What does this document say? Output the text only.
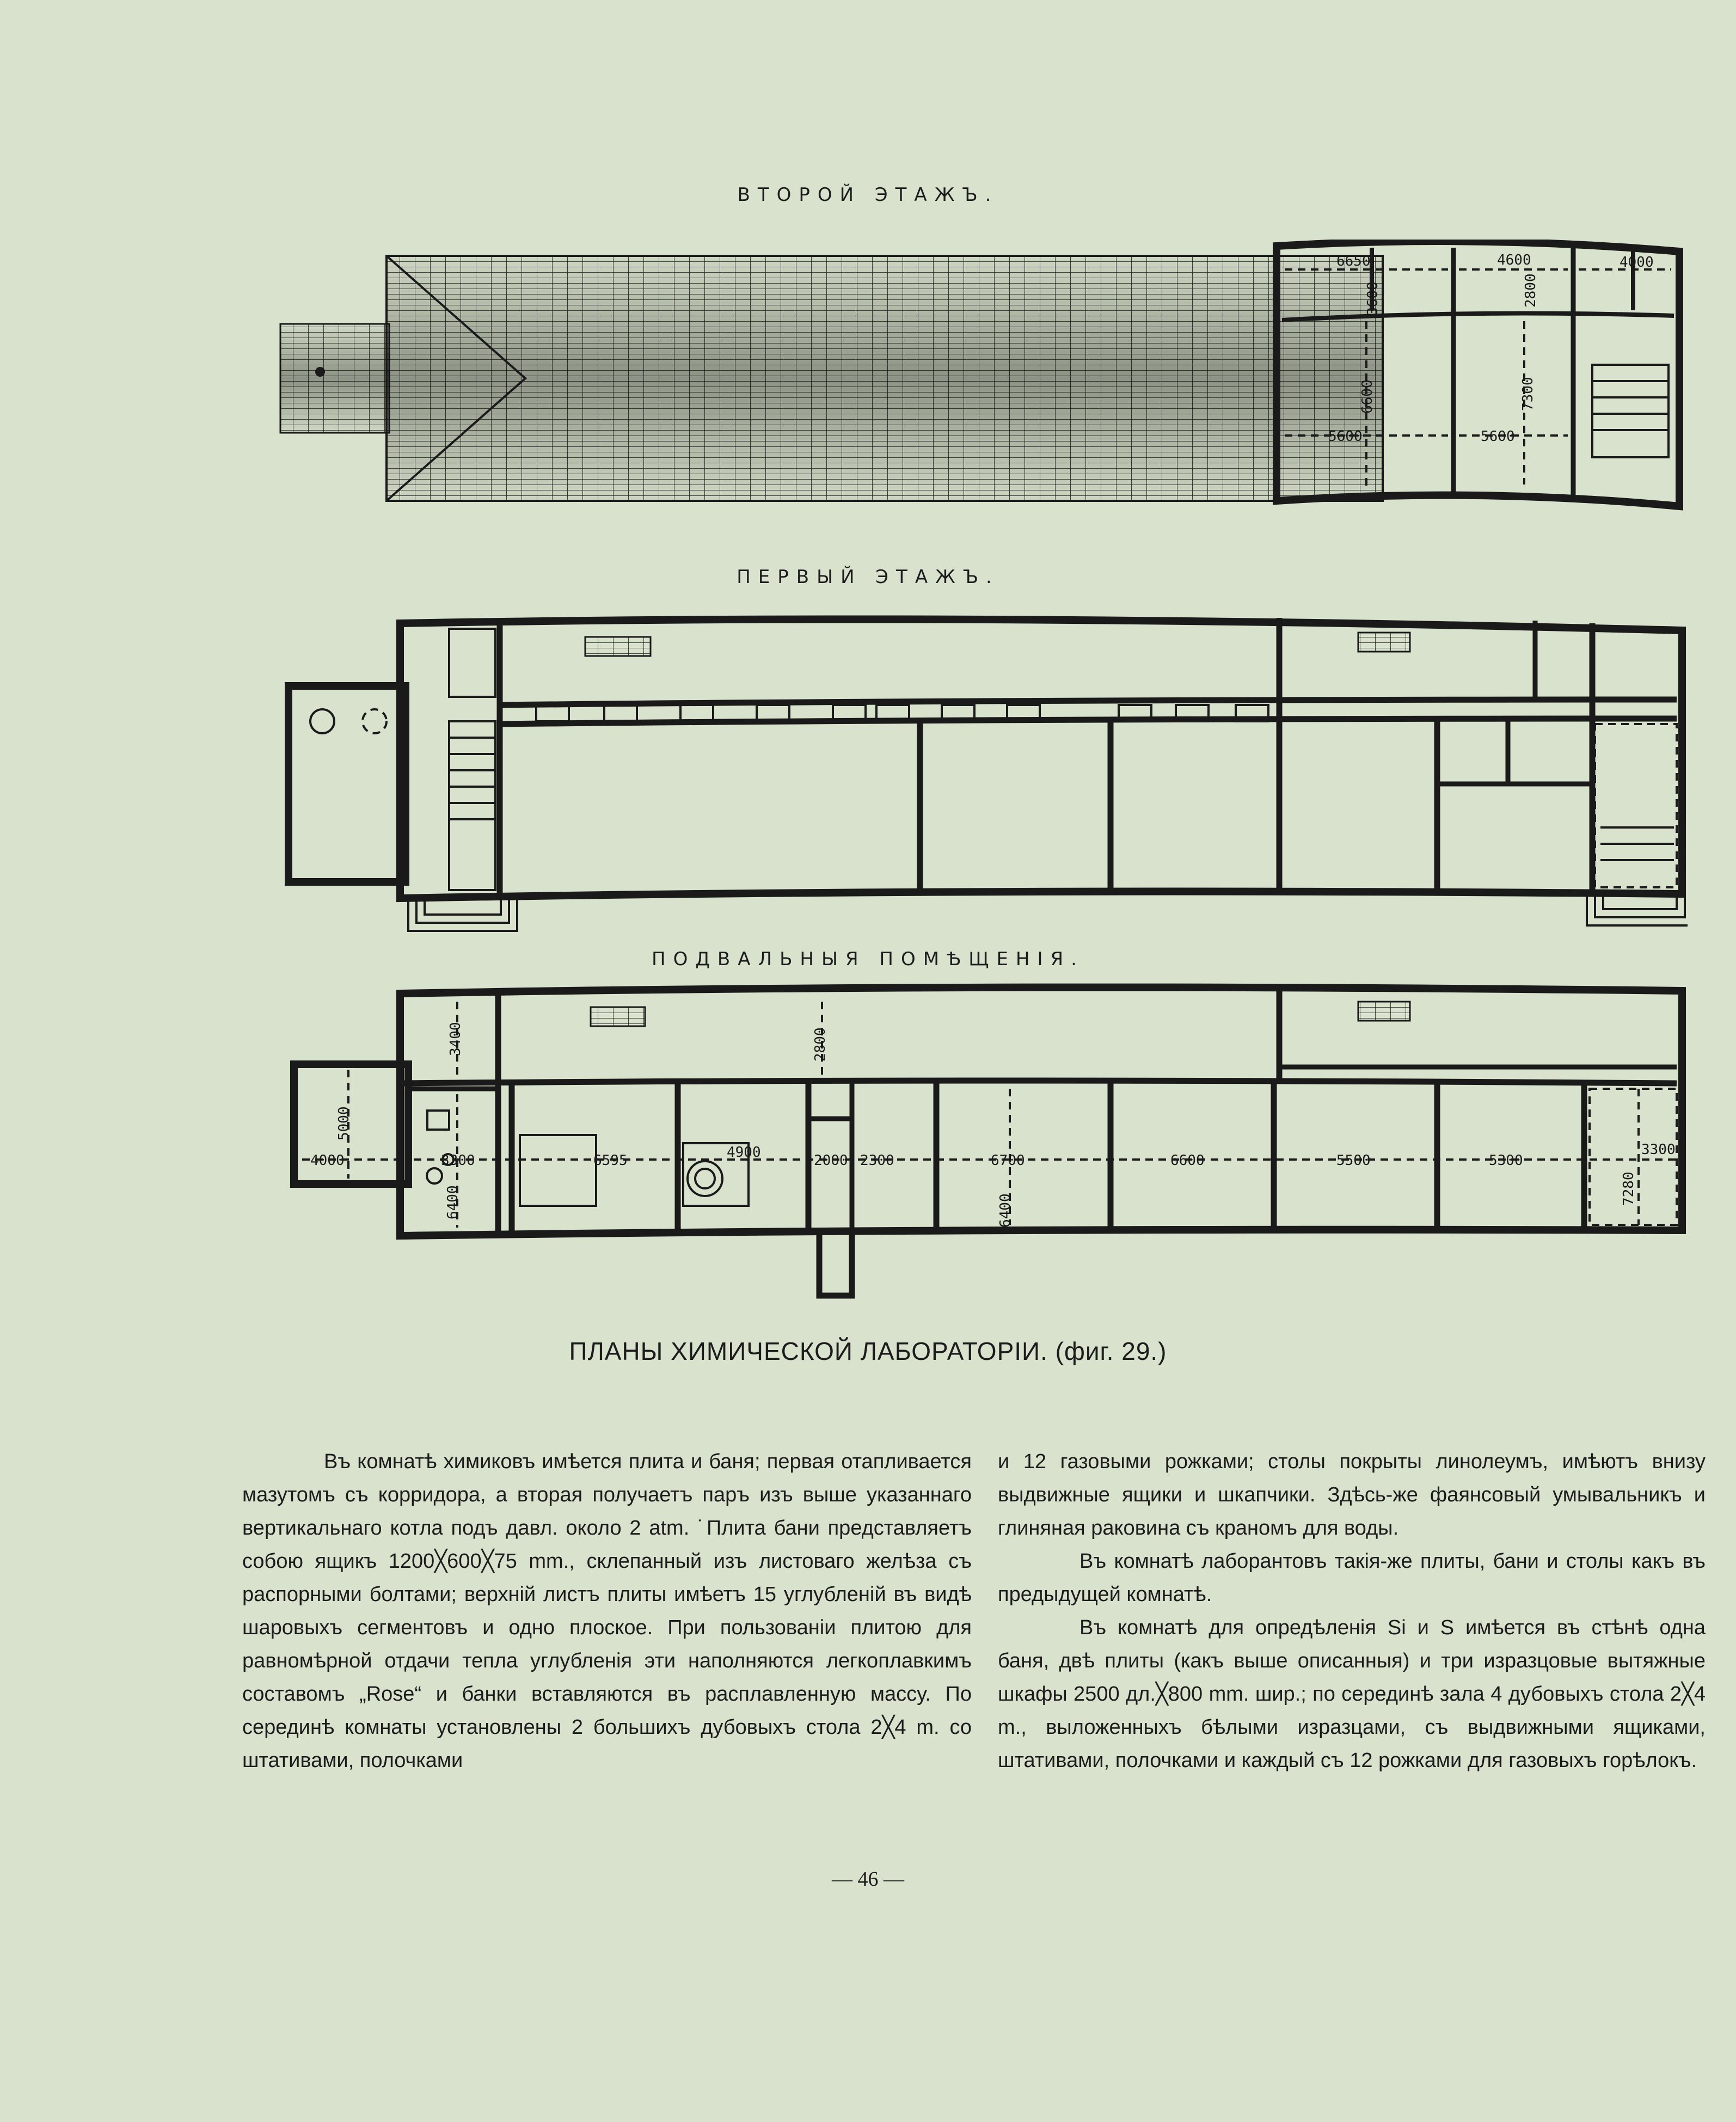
ВТОРОЙ ЭТАЖЪ.
6650	4600	4000
3600	2800
6600	7300
5600	5600
ПЕРВЫЙ ЭТАЖЪ.
ПОДВАЛЬНЫЯ ПОМѢЩЕНІЯ.
5000
4000
3400
3300
6400
6595
2800
4900	2000 2300	6700
6400
6600	5500	5300
7280
3300
ПЛАНЫ ХИМИЧЕСКОЙ ЛАБОРАТОРІИ. (фиг. 29.)

Въ комнатѣ химиковъ имѣется плита и баня; первая отапливается мазутомъ съ корридора, а вторая получаетъ паръ изъ выше указаннаго вертикальнаго котла подъ давл. около 2 atm. ˙Плита бани представляетъ собою ящикъ 1200╳600╳75 mm., склепанный изъ листоваго желѣза съ распорными болтами; верхній листъ плиты имѣетъ 15 углубленій въ видѣ шаровыхъ сегментовъ и одно плоское. При пользованіи плитою для равномѣрной отдачи тепла углубленія эти наполняются легкоплавкимъ составомъ „Rose“ и банки вставляются въ расплавленную массу. По серединѣ комнаты установлены 2 большихъ дубовыхъ стола 2╳4 m. со штативами, полочками

и 12 газовыми рожками; столы покрыты линолеумъ, имѣютъ внизу выдвижные ящики и шкапчики. Здѣсь-же фаянсовый умывальникъ и глиняная раковина съ краномъ для воды.

Въ комнатѣ лаборантовъ такія-же плиты, бани и столы какъ въ предыдущей комнатѣ.

Въ комнатѣ для опредѣленія Si и S имѣется въ стѣнѣ одна баня, двѣ плиты (какъ выше описанныя) и три изразцовые вытяжные шкафы 2500 дл.╳800 mm. шир.; по серединѣ зала 4 дубовыхъ стола 2╳4 m., выложенныхъ бѣлыми изразцами, съ выдвижными ящиками, штативами, полочками и каждый съ 12 рожками для газовыхъ горѣлокъ.

— 46 —
